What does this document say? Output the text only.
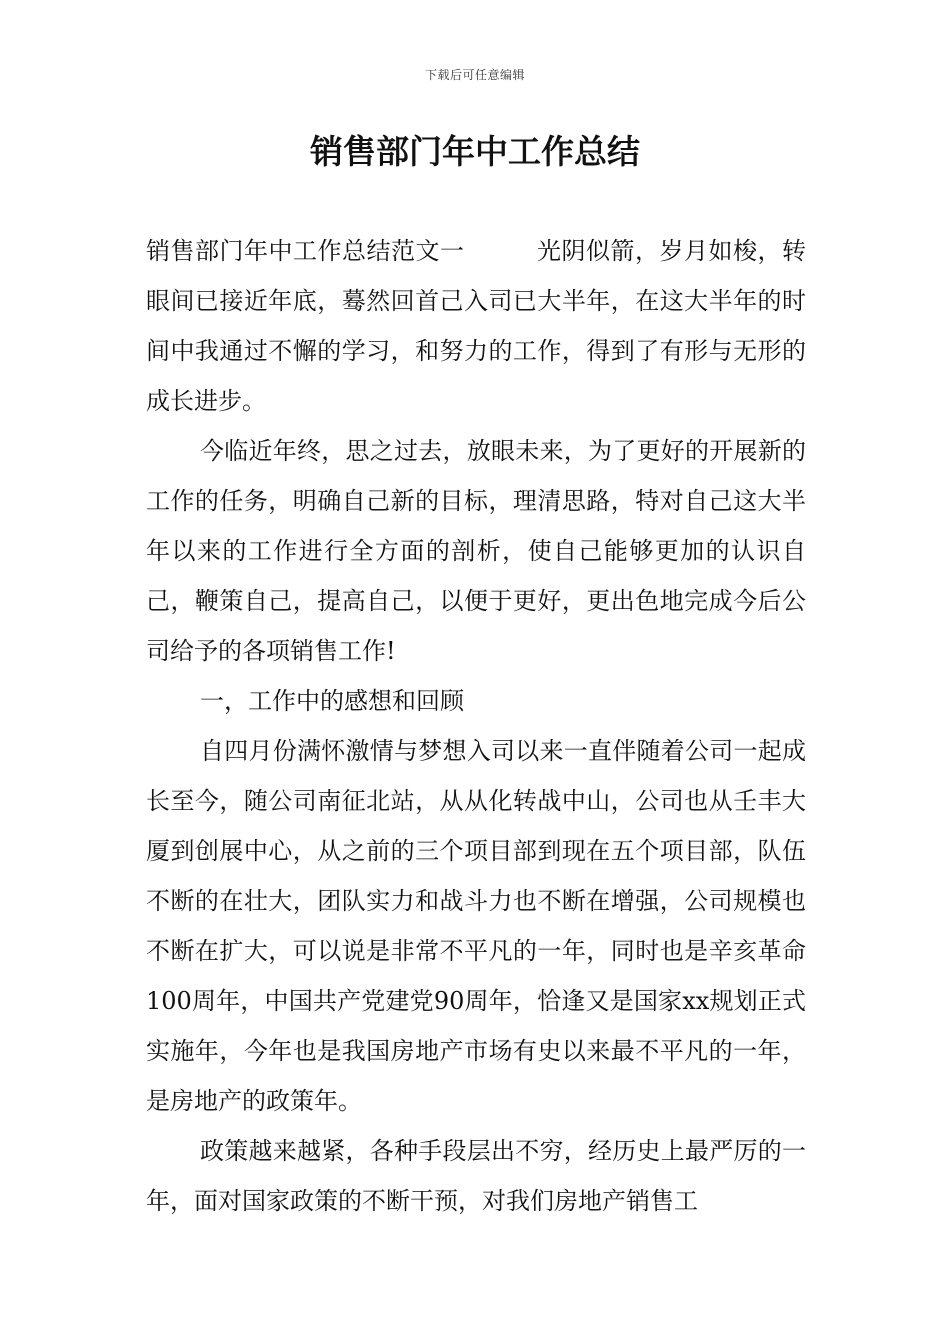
下载后可任意编辑
销售部门年中工作总结

销售部门年中工作总结范文一	光阴似箭，岁月如梭，转眼间已接近年底，蓦然回首己入司已大半年，在这大半年的时间中我通过不懈的学习，和努力的工作，得到了有形与无形的成长进步。

今临近年终，思之过去，放眼未来，为了更好的开展新的工作的任务，明确自己新的目标，理清思路，特对自己这大半年以来的工作进行全方面的剖析，使自己能够更加的认识自己，鞭策自己，提高自己，以便于更好，更出色地完成今后公司给予的各项销售工作!

一，工作中的感想和回顾

自四月份满怀激情与梦想入司以来一直伴随着公司一起成长至今，随公司南征北站，从从化转战中山，公司也从壬丰大厦到创展中心，从之前的三个项目部到现在五个项目部，队伍不断的在壮大，团队实力和战斗力也不断在增强，公司规模也不断在扩大，可以说是非常不平凡的一年，同时也是辛亥革命100周年，中国共产党建党90周年，恰逢又是国家xx规划正式实施年，今年也是我国房地产市场有史以来最不平凡的一年，是房地产的政策年。

政策越来越紧，各种手段层出不穷，经历史上最严厉的一年，面对国家政策的不断干预，对我们房地产销售工
